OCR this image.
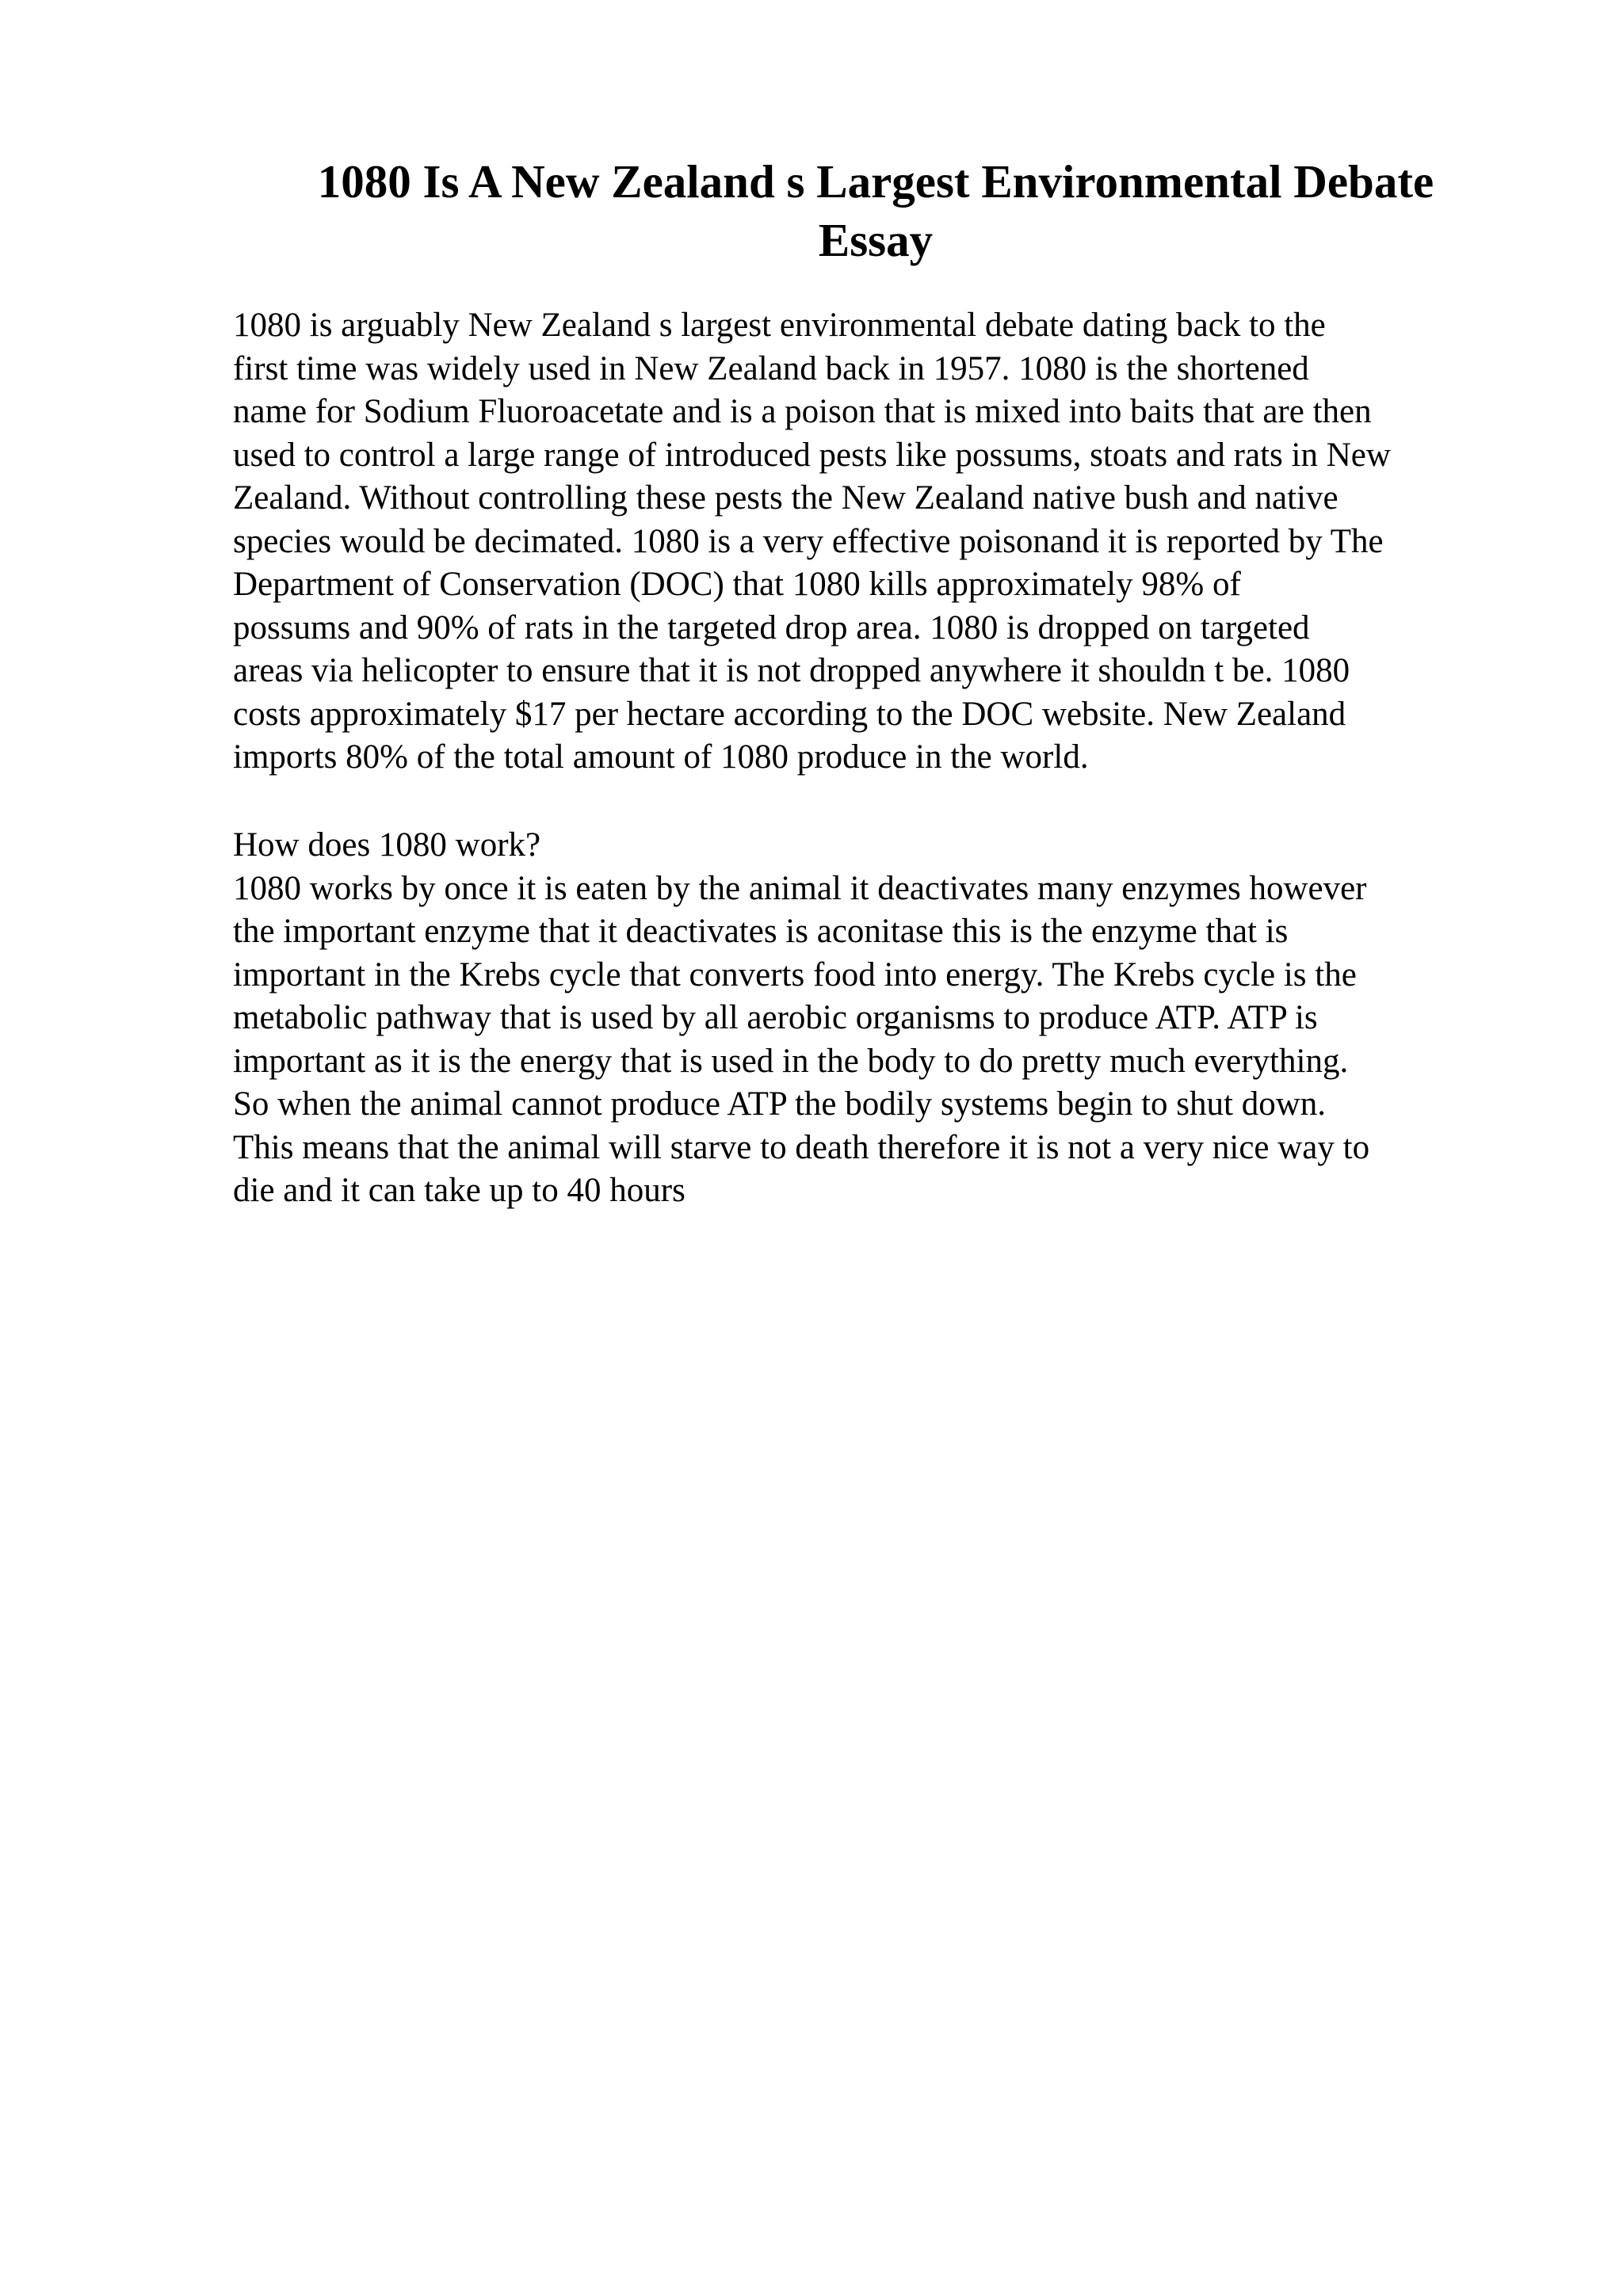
1080 Is A New Zealand s Largest Environmental Debate
Essay

1080 is arguably New Zealand s largest environmental debate dating back to the
first time was widely used in New Zealand back in 1957. 1080 is the shortened
name for Sodium Fluoroacetate and is a poison that is mixed into baits that are then
used to control a large range of introduced pests like possums, stoats and rats in New
Zealand. Without controlling these pests the New Zealand native bush and native
species would be decimated. 1080 is a very effective poisonand it is reported by The
Department of Conservation (DOC) that 1080 kills approximately 98% of
possums and 90% of rats in the targeted drop area. 1080 is dropped on targeted
areas via helicopter to ensure that it is not dropped anywhere it shouldn t be. 1080
costs approximately $17 per hectare according to the DOC website. New Zealand
imports 80% of the total amount of 1080 produce in the world.

How does 1080 work?
1080 works by once it is eaten by the animal it deactivates many enzymes however
the important enzyme that it deactivates is aconitase this is the enzyme that is
important in the Krebs cycle that converts food into energy. The Krebs cycle is the
metabolic pathway that is used by all aerobic organisms to produce ATP. ATP is
important as it is the energy that is used in the body to do pretty much everything.
So when the animal cannot produce ATP the bodily systems begin to shut down.
This means that the animal will starve to death therefore it is not a very nice way to
die and it can take up to 40 hours
